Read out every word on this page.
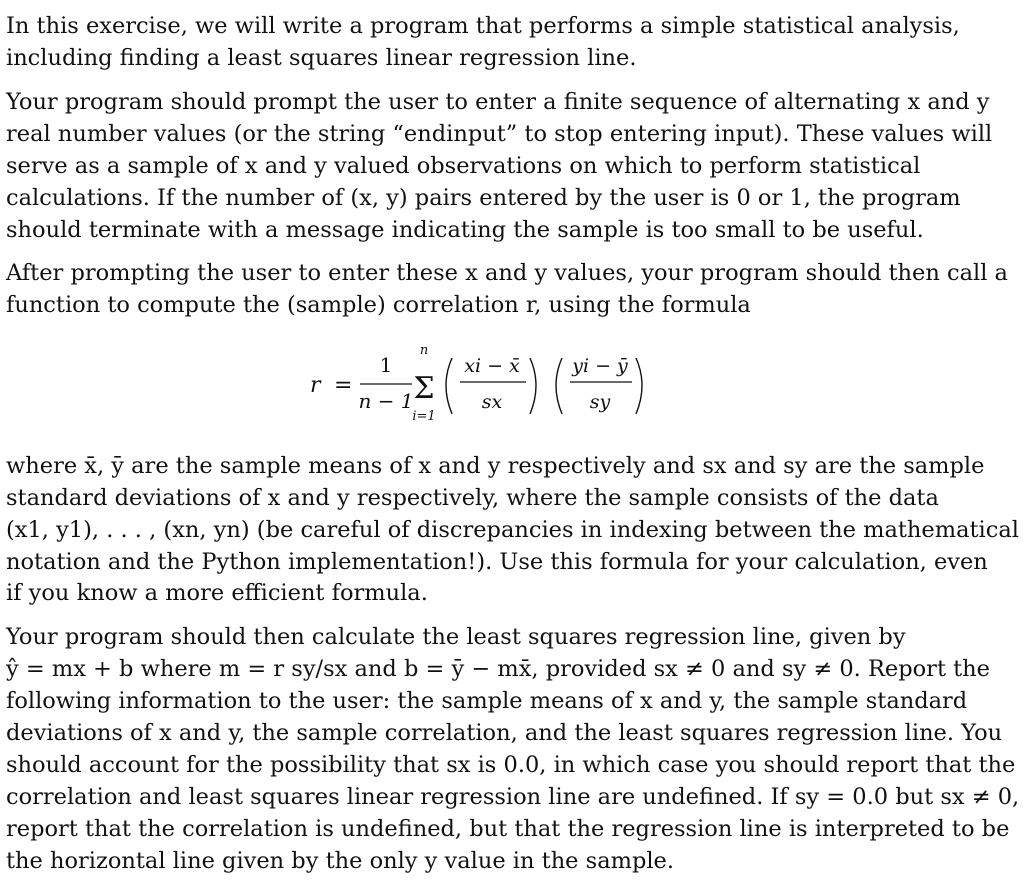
In this exercise, we will write a program that performs a simple statistical analysis,
including finding a least squares linear regression line.
Your program should prompt the user to enter a finite sequence of alternating x and y
real number values (or the string “endinput” to stop entering input). These values will
serve as a sample of x and y valued observations on which to perform statistical
calculations. If the number of (x, y) pairs entered by the user is 0 or 1, the program
should terminate with a message indicating the sample is too small to be useful.
After prompting the user to enter these x and y values, your program should then call a
function to compute the (sample) correlation r, using the formula
r =
1
n − 1
n
Σ
i=1
xi − x̄
sx
yi − ȳ
sy
where x̄, ȳ are the sample means of x and y respectively and sx and sy are the sample
standard deviations of x and y respectively, where the sample consists of the data
(x1, y1), . . . , (xn, yn) (be careful of discrepancies in indexing between the mathematical
notation and the Python implementation!). Use this formula for your calculation, even
if you know a more efficient formula.
Your program should then calculate the least squares regression line, given by
ŷ = mx + b where m = r sy/sx and b = ȳ − mx̄, provided sx ≠ 0 and sy ≠ 0. Report the
following information to the user: the sample means of x and y, the sample standard
deviations of x and y, the sample correlation, and the least squares regression line. You
should account for the possibility that sx is 0.0, in which case you should report that the
correlation and least squares linear regression line are undefined. If sy = 0.0 but sx ≠ 0,
report that the correlation is undefined, but that the regression line is interpreted to be
the horizontal line given by the only y value in the sample.
